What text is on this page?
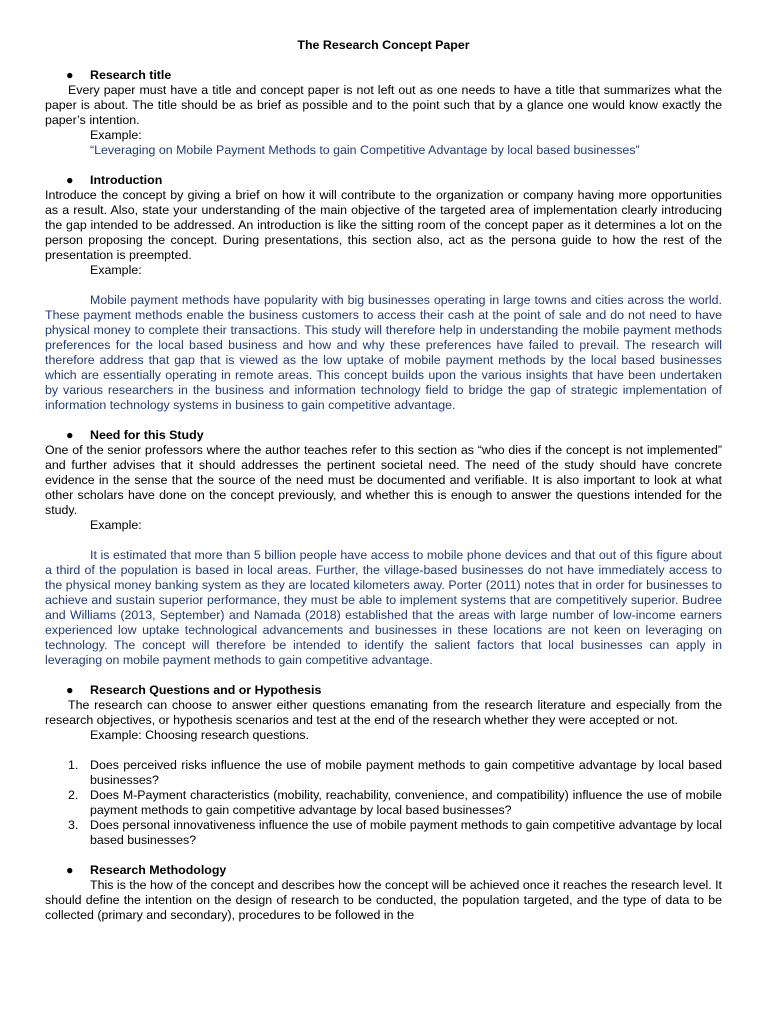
The Research Concept Paper
● Research title

Every paper must have a title and concept paper is not left out as one needs to have a title that summarizes what the paper is about. The title should be as brief as possible and to the point such that by a glance one would know exactly the paper’s intention.

Example:
“Leveraging on Mobile Payment Methods to gain Competitive Advantage by local based businesses”
● Introduction

Introduce the concept by giving a brief on how it will contribute to the organization or company having more opportunities as a result. Also, state your understanding of the main objective of the targeted area of implementation clearly introducing the gap intended to be addressed. An introduction is like the sitting room of the concept paper as it determines a lot on the person proposing the concept. During presentations, this section also, act as the persona guide to how the rest of the presentation is preempted.

Example:

Mobile payment methods have popularity with big businesses operating in large towns and cities across the world. These payment methods enable the business customers to access their cash at the point of sale and do not need to have physical money to complete their transactions. This study will therefore help in understanding the mobile payment methods preferences for the local based business and how and why these preferences have failed to prevail. The research will therefore address that gap that is viewed as the low uptake of mobile payment methods by the local based businesses which are essentially operating in remote areas. This concept builds upon the various insights that have been undertaken by various researchers in the business and information technology field to bridge the gap of strategic implementation of information technology systems in business to gain competitive advantage.

● Need for this Study

One of the senior professors where the author teaches refer to this section as “who dies if the concept is not implemented” and further advises that it should addresses the pertinent societal need. The need of the study should have concrete evidence in the sense that the source of the need must be documented and verifiable. It is also important to look at what other scholars have done on the concept previously, and whether this is enough to answer the questions intended for the study.

Example:

It is estimated that more than 5 billion people have access to mobile phone devices and that out of this figure about a third of the population is based in local areas. Further, the village-based businesses do not have immediately access to the physical money banking system as they are located kilometers away. Porter (2011) notes that in order for businesses to achieve and sustain superior performance, they must be able to implement systems that are competitively superior. Budree and Williams (2013, September) and Namada (2018) established that the areas with large number of low-income earners experienced low uptake technological advancements and businesses in these locations are not keen on leveraging on technology. The concept will therefore be intended to identify the salient factors that local businesses can apply in leveraging on mobile payment methods to gain competitive advantage.

● Research Questions and or Hypothesis

The research can choose to answer either questions emanating from the research literature and especially from the research objectives, or hypothesis scenarios and test at the end of the research whether they were accepted or not.

Example: Choosing research questions.
1. Does perceived risks influence the use of mobile payment methods to gain competitive advantage by local based businesses?
2. Does M-Payment characteristics (mobility, reachability, convenience, and compatibility) influence the use of mobile payment methods to gain competitive advantage by local based businesses?
3. Does personal innovativeness influence the use of mobile payment methods to gain competitive advantage by local based businesses?
● Research Methodology

This is the how of the concept and describes how the concept will be achieved once it reaches the research level. It should define the intention on the design of research to be conducted, the population targeted, and the type of data to be collected (primary and secondary), procedures to be followed in the
